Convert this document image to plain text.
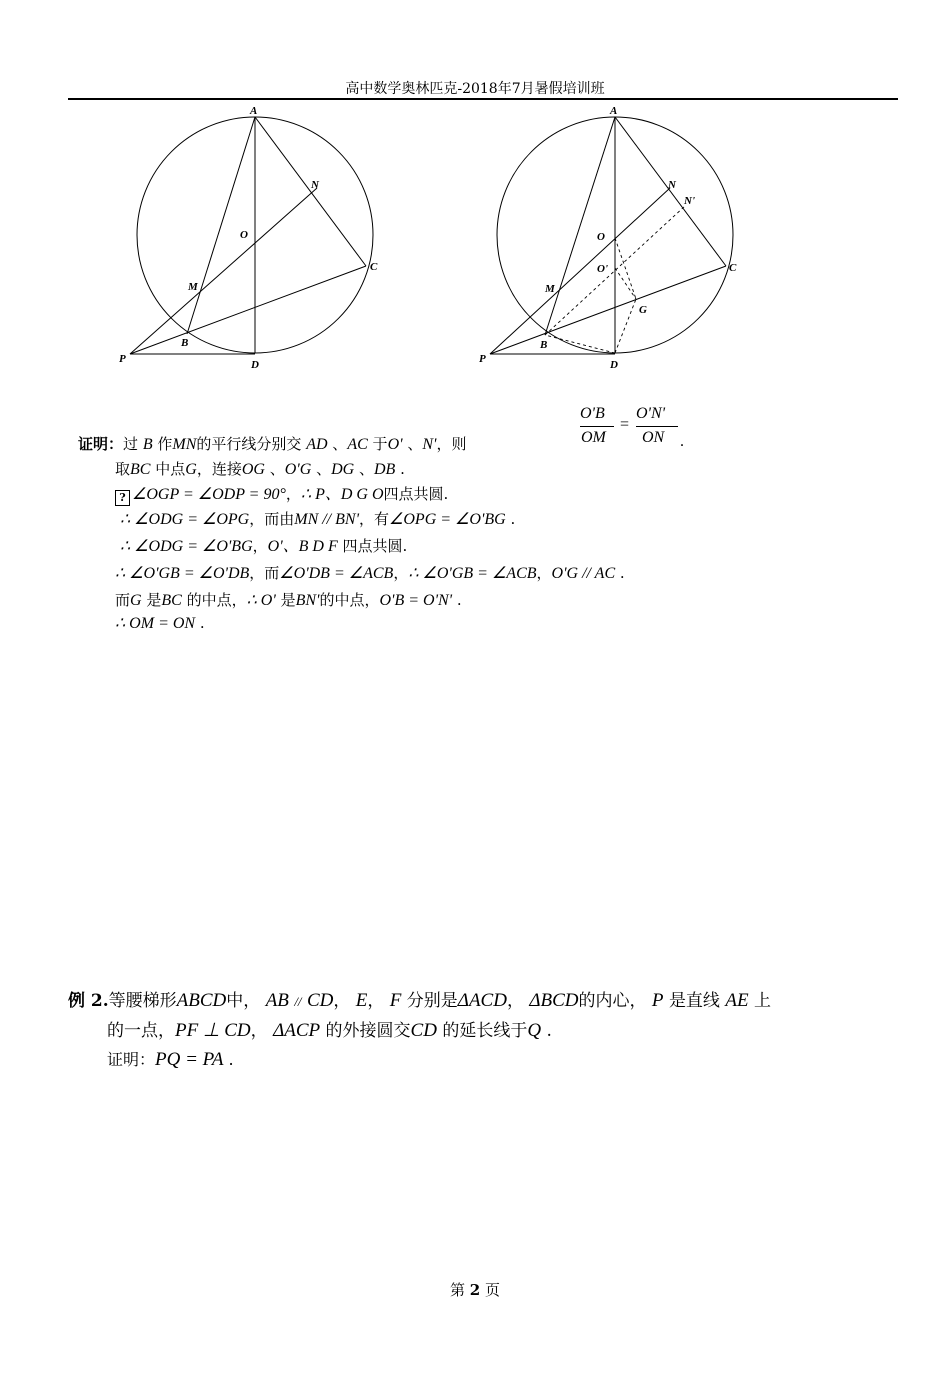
高中数学奥林匹克-2018年7月暑假培训班
A
N
O
M
C
B
P	D
A
N
N'
O
O'
M
C
G
B
P	D
O'B
=
O'N'
OM ON .
证明：过 B 作MN的平行线分别交 AD 、AC 于O' 、N'，则
取BC 中点G，连接OG 、O'G 、DG 、DB .
? ∠OGP = ∠ODP = 90°，∴ P、D G O四点共圆.
∴ ∠ODG = ∠OPG，而由MN // BN'，有∠OPG = ∠O'BG .
∴ ∠ODG = ∠O'BG，O'、B D F 四点共圆.
∴ ∠O'GB = ∠O'DB，而∠O'DB = ∠ACB，∴ ∠O'GB = ∠ACB，O'G // AC .
而G 是BC 的中点，∴ O' 是BN'的中点，O'B = O'N' .
∴ OM = ON .
例 2.等腰梯形ABCD中， AB // CD， E， F 分别是ΔACD， ΔBCD的内心， P 是直线 AE 上
的一点，PF ⊥ CD， ΔACP 的外接圆交CD 的延长线于Q .
证明：PQ = PA .
第 2 页
